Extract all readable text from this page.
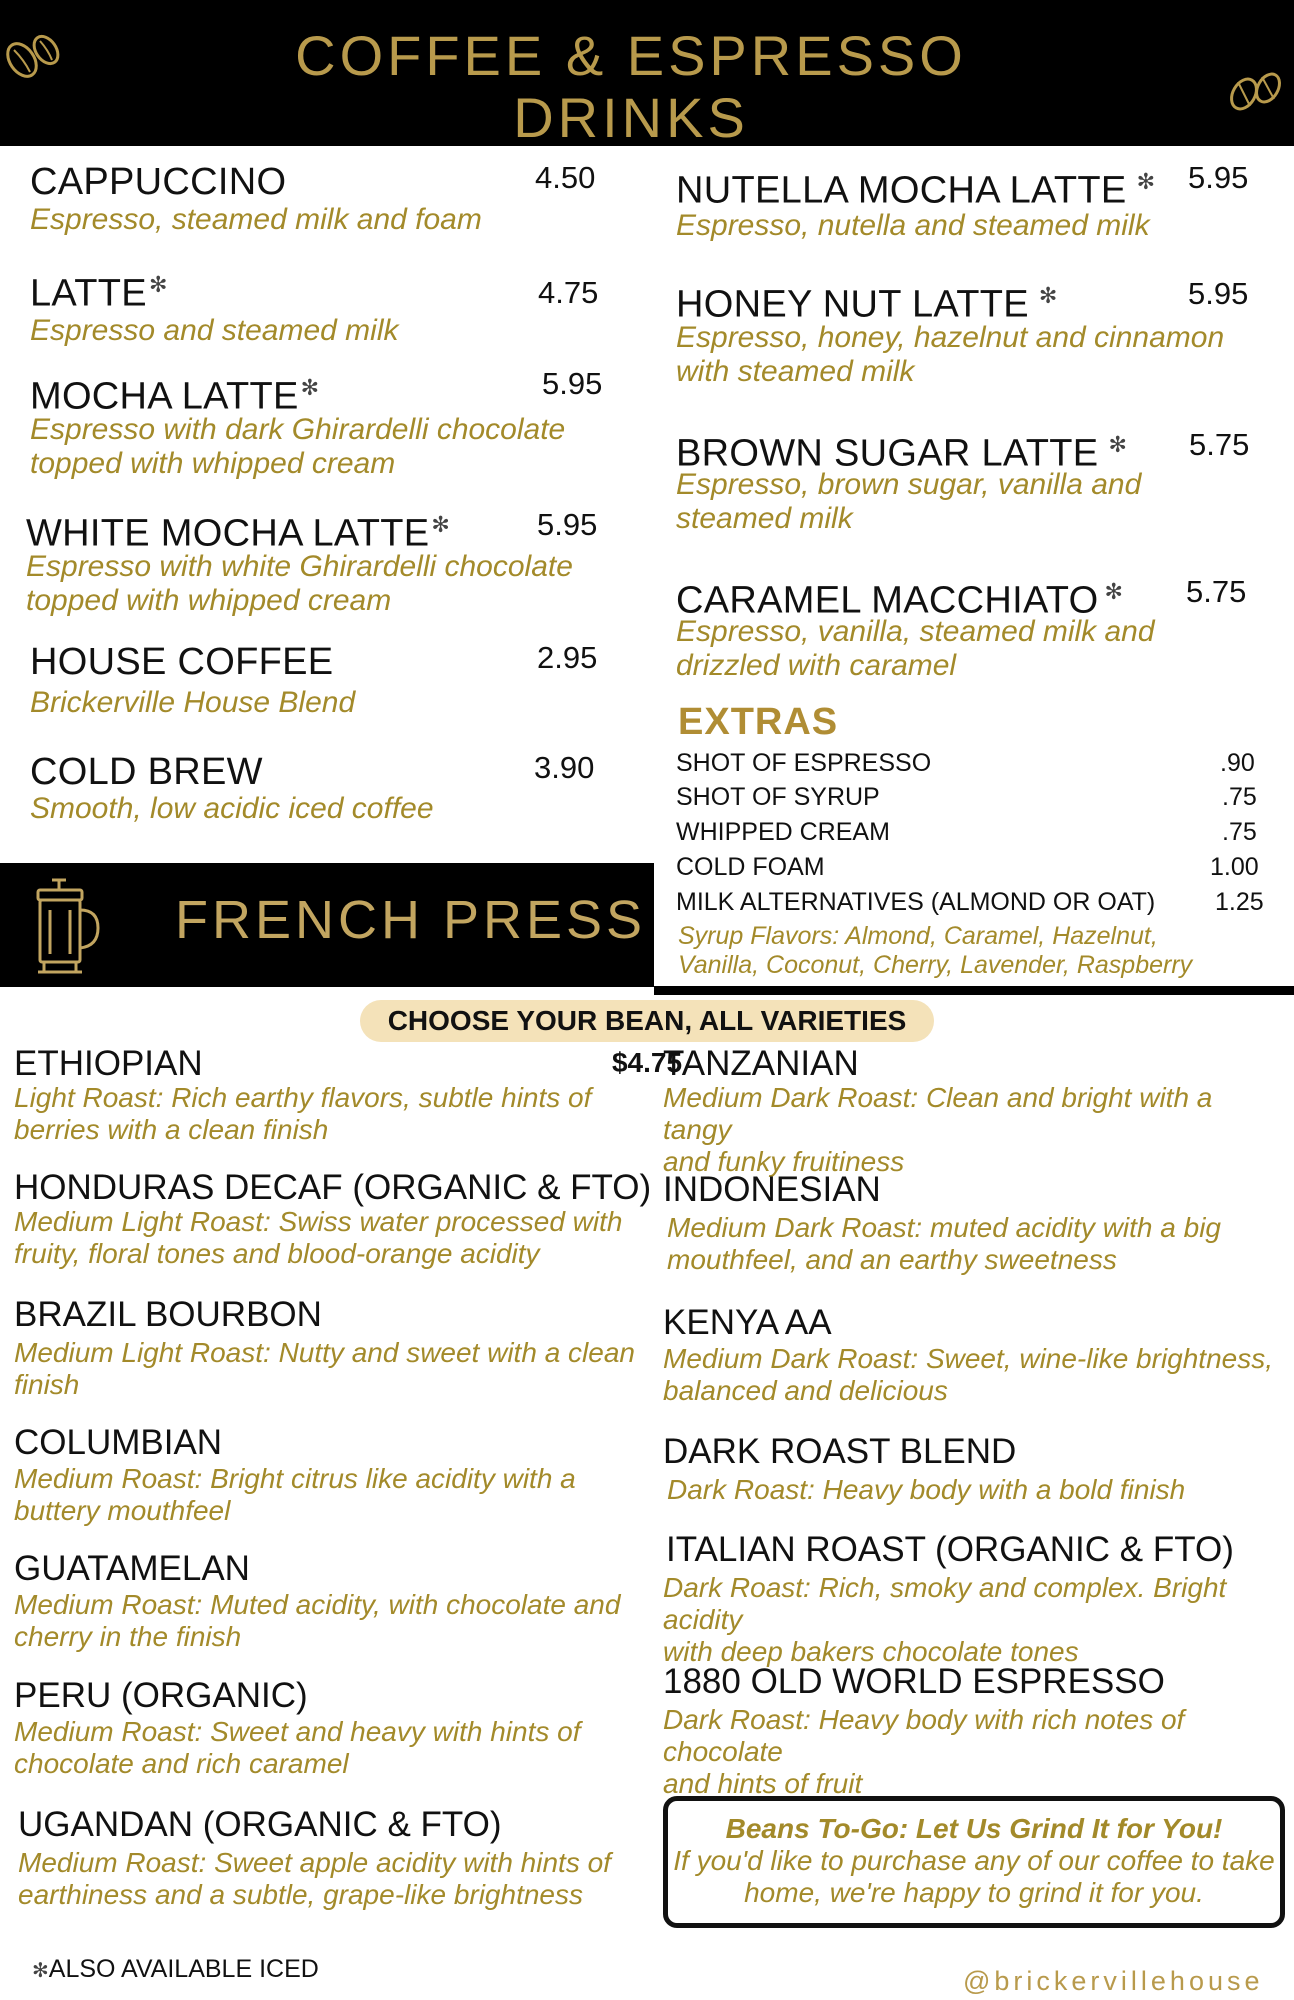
COFFEE & ESPRESSO
DRINKS
CAPPUCCINO	4.50
Espresso, steamed milk and foam
LATTE✻	4.75
Espresso and steamed milk
MOCHA LATTE✻	5.95
Espresso with dark Ghirardelli chocolate
topped with whipped cream
WHITE MOCHA LATTE✻	5.95
Espresso with white Ghirardelli chocolate
topped with whipped cream
HOUSE COFFEE	2.95
Brickerville House Blend
COLD BREW	3.90
Smooth, low acidic iced coffee
NUTELLA MOCHA LATTE ✻	5.95
Espresso, nutella and steamed milk
HONEY NUT LATTE ✻	5.95
Espresso, honey, hazelnut and cinnamon
with steamed milk
BROWN SUGAR LATTE ✻	5.75
Espresso, brown sugar, vanilla and
steamed milk
CARAMEL MACCHIATO ✻	5.75
Espresso, vanilla, steamed milk and
drizzled with caramel
EXTRAS
SHOT OF ESPRESSO	.90
SHOT OF SYRUP	.75
WHIPPED CREAM	.75
COLD FOAM	1.00
MILK ALTERNATIVES (ALMOND OR OAT) 1.25
Syrup Flavors: Almond, Caramel, Hazelnut,
Vanilla, Coconut, Cherry, Lavender, Raspberry
FRENCH PRESS
CHOOSE YOUR BEAN, ALL VARIETIES $4.75
ETHIOPIAN
Light Roast: Rich earthy flavors, subtle hints of
berries with a clean finish
HONDURAS DECAF (ORGANIC & FTO)
Medium Light Roast: Swiss water processed with
fruity, floral tones and blood-orange acidity
BRAZIL BOURBON
Medium Light Roast: Nutty and sweet with a clean
finish
COLUMBIAN
Medium Roast: Bright citrus like acidity with a
buttery mouthfeel
GUATAMELAN
Medium Roast: Muted acidity, with chocolate and
cherry in the finish
PERU (ORGANIC)
Medium Roast: Sweet and heavy with hints of
chocolate and rich caramel
UGANDAN (ORGANIC & FTO)
Medium Roast: Sweet apple acidity with hints of
earthiness and a subtle, grape-like brightness
TANZANIAN
Medium Dark Roast: Clean and bright with a tangy
and funky fruitiness
INDONESIAN
Medium Dark Roast: muted acidity with a big
mouthfeel, and an earthy sweetness
KENYA AA
Medium Dark Roast: Sweet, wine-like brightness,
balanced and delicious
DARK ROAST BLEND
Dark Roast: Heavy body with a bold finish
ITALIAN ROAST (ORGANIC & FTO)
Dark Roast: Rich, smoky and complex. Bright acidity
with deep bakers chocolate tones
1880 OLD WORLD ESPRESSO
Dark Roast: Heavy body with rich notes of chocolate
and hints of fruit
Beans To-Go: Let Us Grind It for You!
If you'd like to purchase any of our coffee to take
home, we're happy to grind it for you.
✻ALSO AVAILABLE ICED	@brickervillehouse
